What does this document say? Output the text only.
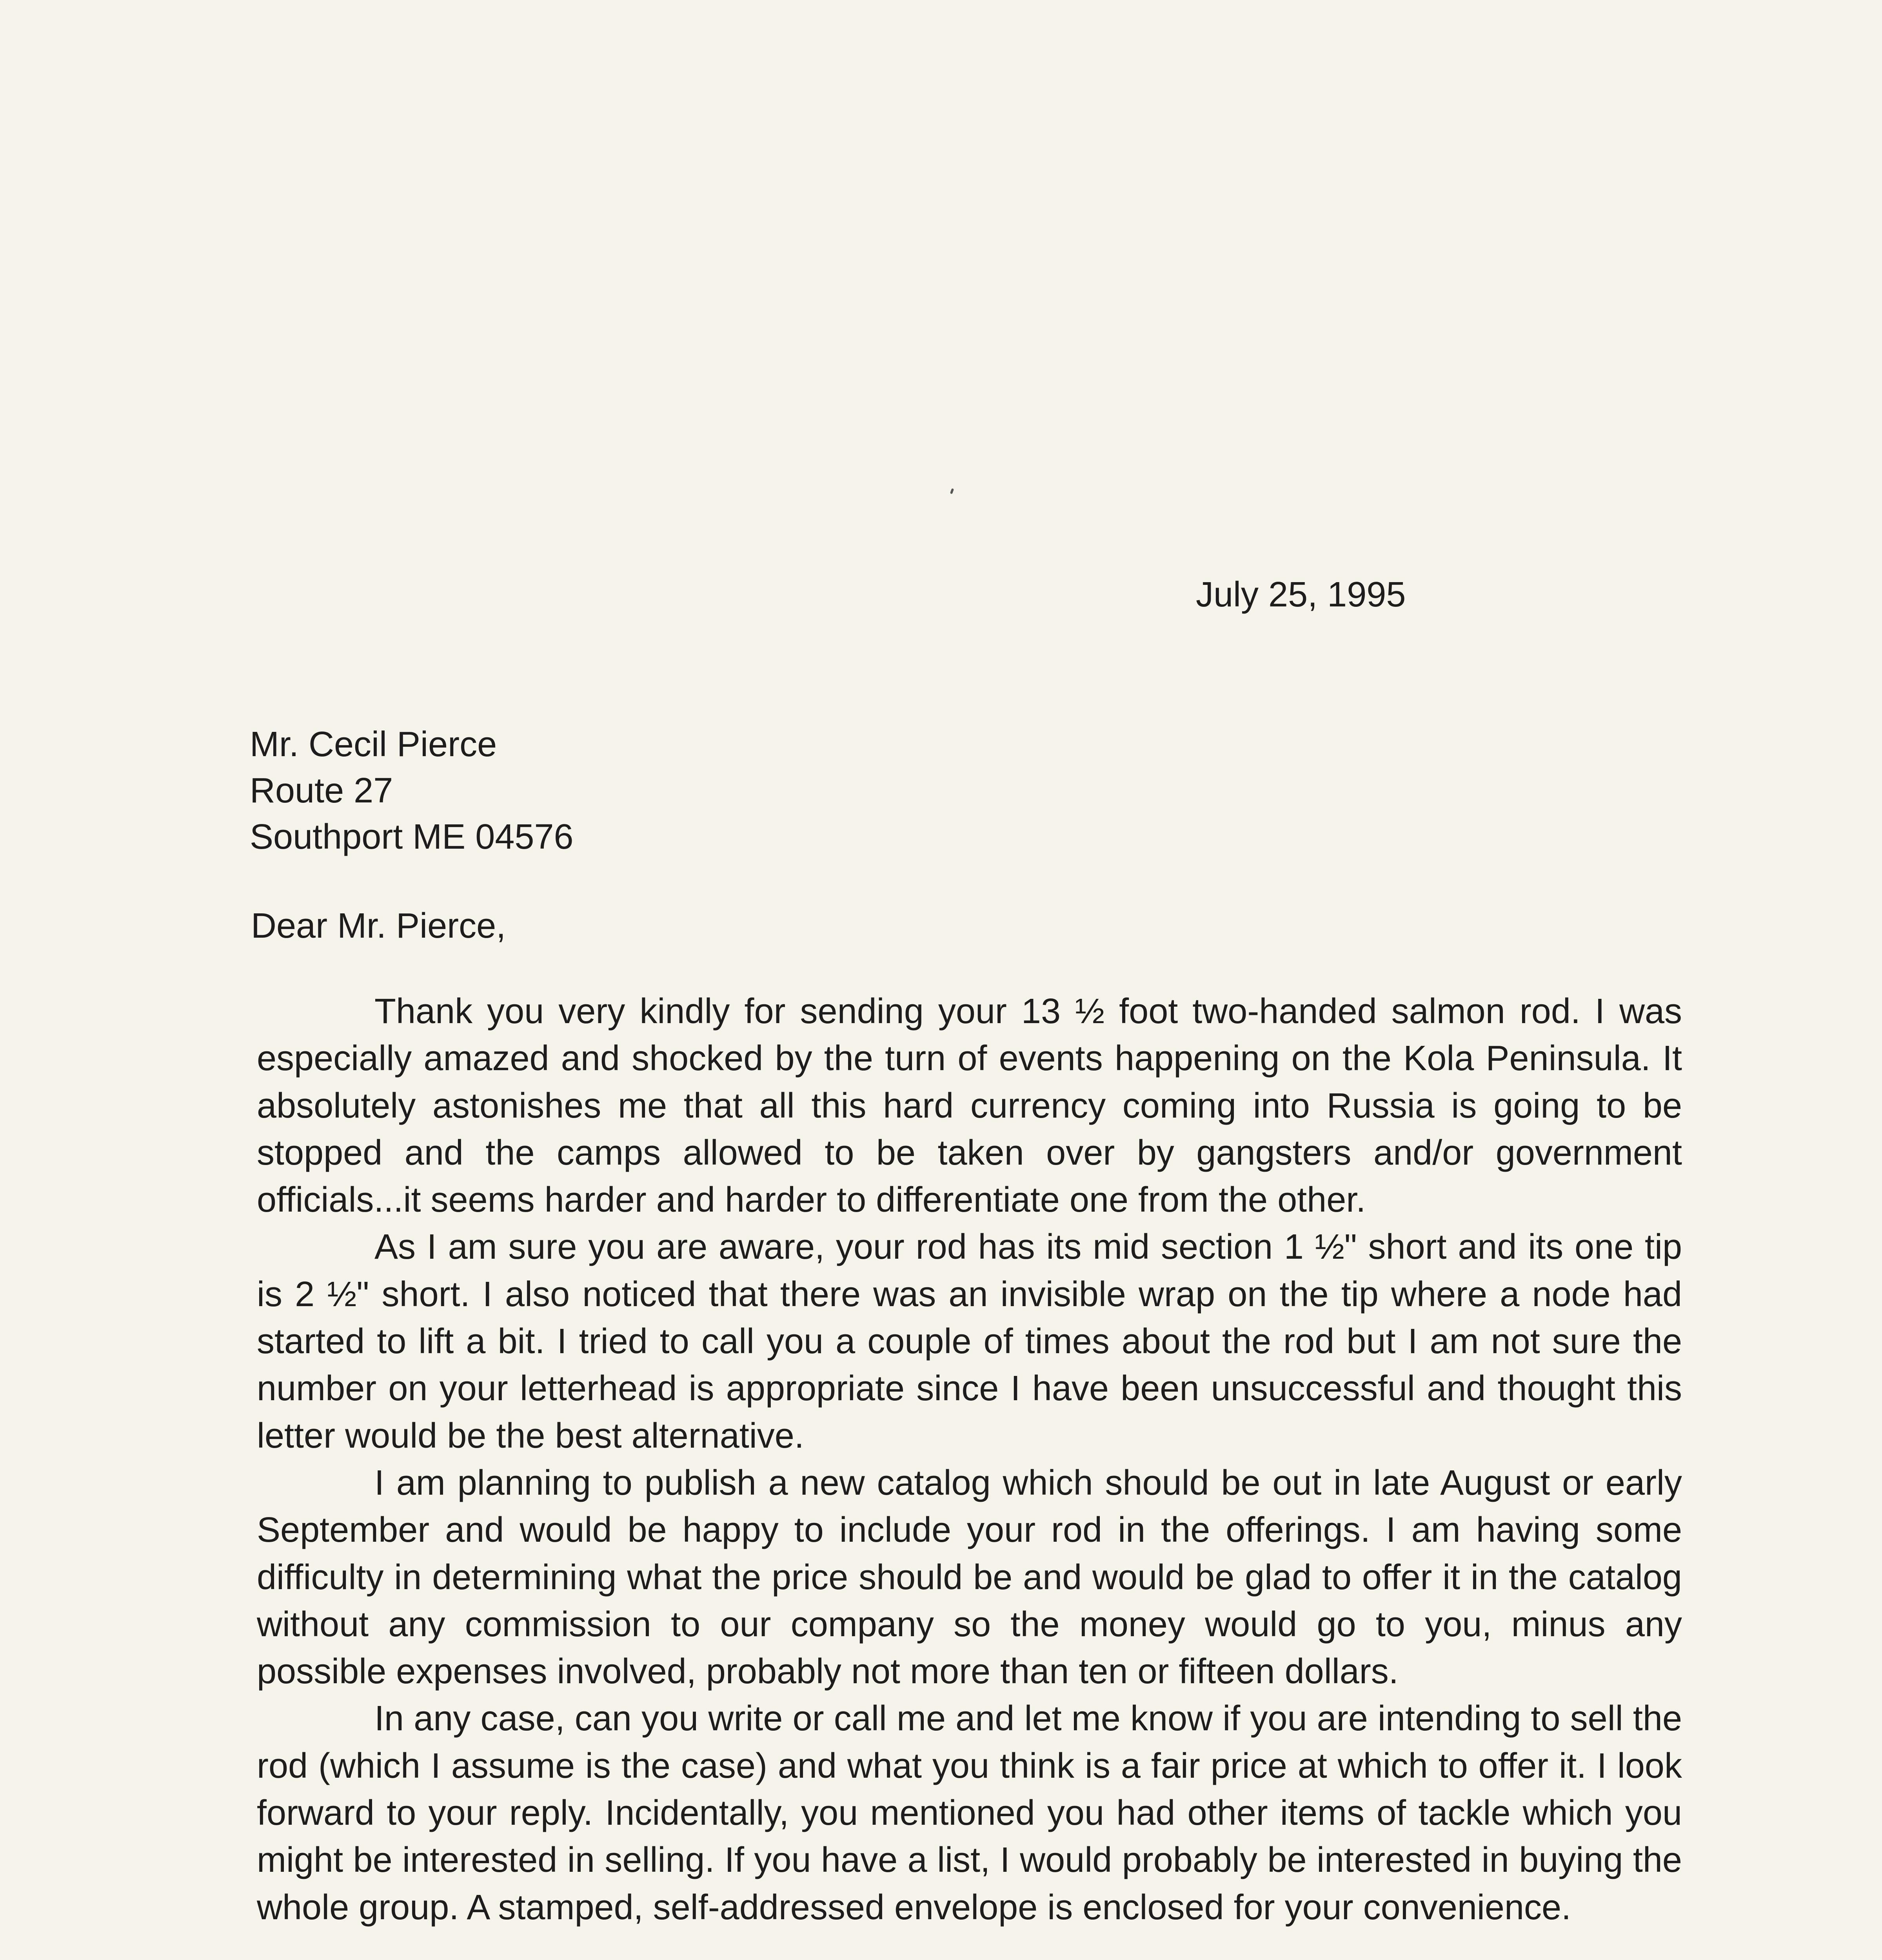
July 25, 1995

Mr. Cecil Pierce

Route 27

Southport ME 04576

Dear Mr. Pierce,

Thank you very kindly for sending your 13 ½ foot two-handed salmon rod. I was especially amazed and shocked by the turn of events happening on the Kola Peninsula. It absolutely astonishes me that all this hard currency coming into Russia is going to be stopped and the camps allowed to be taken over by gangsters and/or government officials...it seems harder and harder to differentiate one from the other.

As I am sure you are aware, your rod has its mid section 1 ½" short and its one tip is 2 ½" short. I also noticed that there was an invisible wrap on the tip where a node had started to lift a bit. I tried to call you a couple of times about the rod but I am not sure the number on your letterhead is appropriate since I have been unsuccessful and thought this letter would be the best alternative.

I am planning to publish a new catalog which should be out in late August or early September and would be happy to include your rod in the offerings. I am having some difficulty in determining what the price should be and would be glad to offer it in the catalog without any commission to our company so the money would go to you, minus any possible expenses involved, probably not more than ten or fifteen dollars.

In any case, can you write or call me and let me know if you are intending to sell the rod (which I assume is the case) and what you think is a fair price at which to offer it. I look forward to your reply. Incidentally, you mentioned you had other items of tackle which you might be interested in selling. If you have a list, I would probably be interested in buying the whole group. A stamped, self-addressed envelope is enclosed for your convenience.
